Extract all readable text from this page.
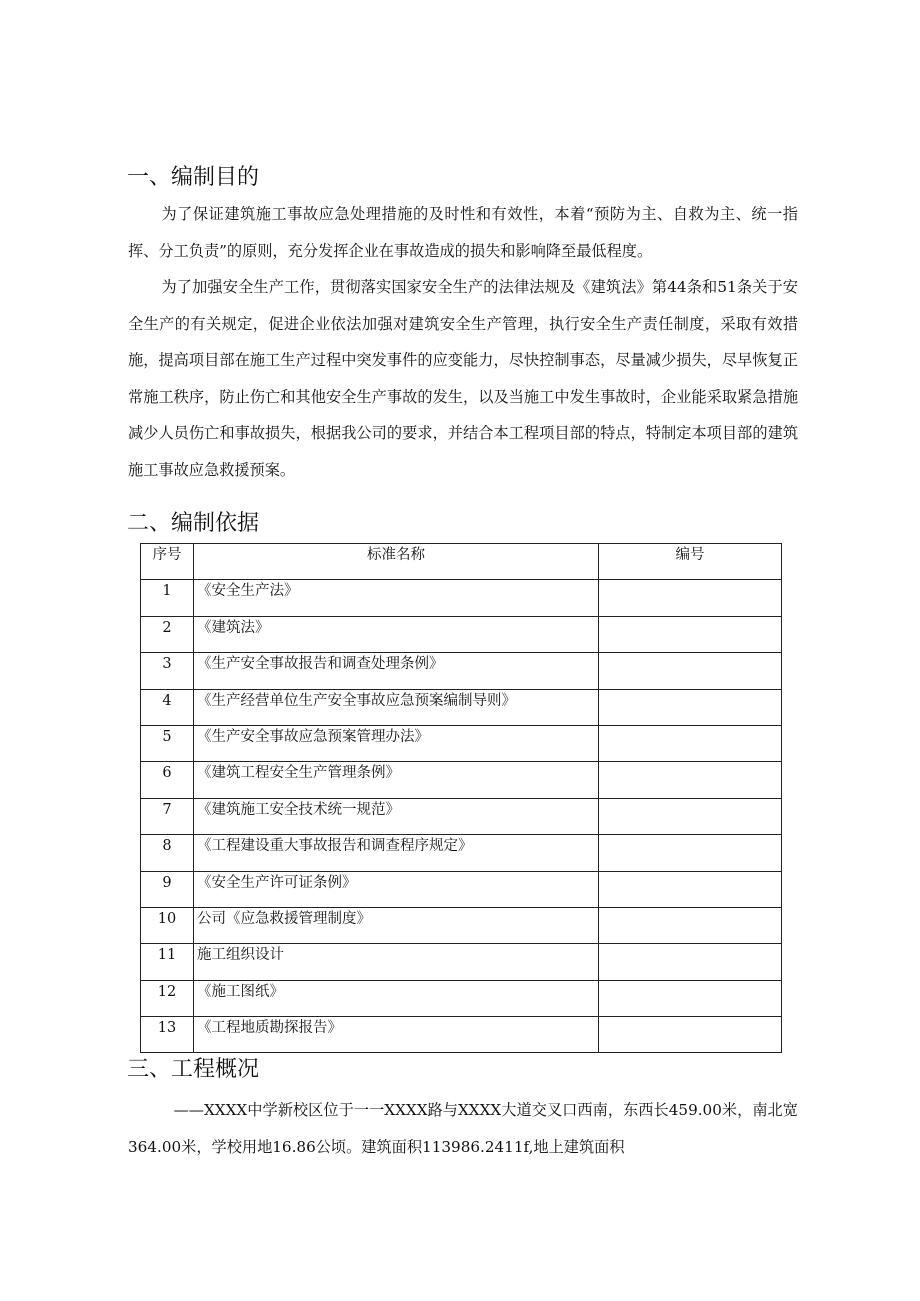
一、编制目的

为了保证建筑施工事故应急处理措施的及时性和有效性，本着“预防为主、自救为主、统一指挥、分工负责”的原则，充分发挥企业在事故造成的损失和影响降至最低程度。

为了加强安全生产工作，贯彻落实国家安全生产的法律法规及《建筑法》第44条和51条关于安全生产的有关规定，促进企业依法加强对建筑安全生产管理，执行安全生产责任制度，采取有效措施，提高项目部在施工生产过程中突发事件的应变能力，尽快控制事态，尽量减少损失，尽早恢复正常施工秩序，防止伤亡和其他安全生产事故的发生，以及当施工中发生事故时，企业能采取紧急措施减少人员伤亡和事故损失，根据我公司的要求，并结合本工程项目部的特点，特制定本项目部的建筑施工事故应急救援预案。

二、编制依据
序号	标准名称	编号
1	《安全生产法》	
2	《建筑法》	
3	《生产安全事故报告和调查处理条例》	
4	《生产经营单位生产安全事故应急预案编制导则》	
5	《生产安全事故应急预案管理办法》	
6	《建筑工程安全生产管理条例》	
7	《建筑施工安全技术统一规范》	
8	《工程建设重大事故报告和调查程序规定》	
9	《安全生产许可证条例》	
10	公司《应急救援管理制度》	
11	施工组织设计	
12	《施工图纸》	
13	《工程地质勘探报告》	
三、工程概况

——XXXX中学新校区位于一一XXXX路与XXXX大道交叉口西南，东西长459.00米，南北宽364.00米，学校用地16.86公顷。建筑面积113986.2411f,地上建筑面积
